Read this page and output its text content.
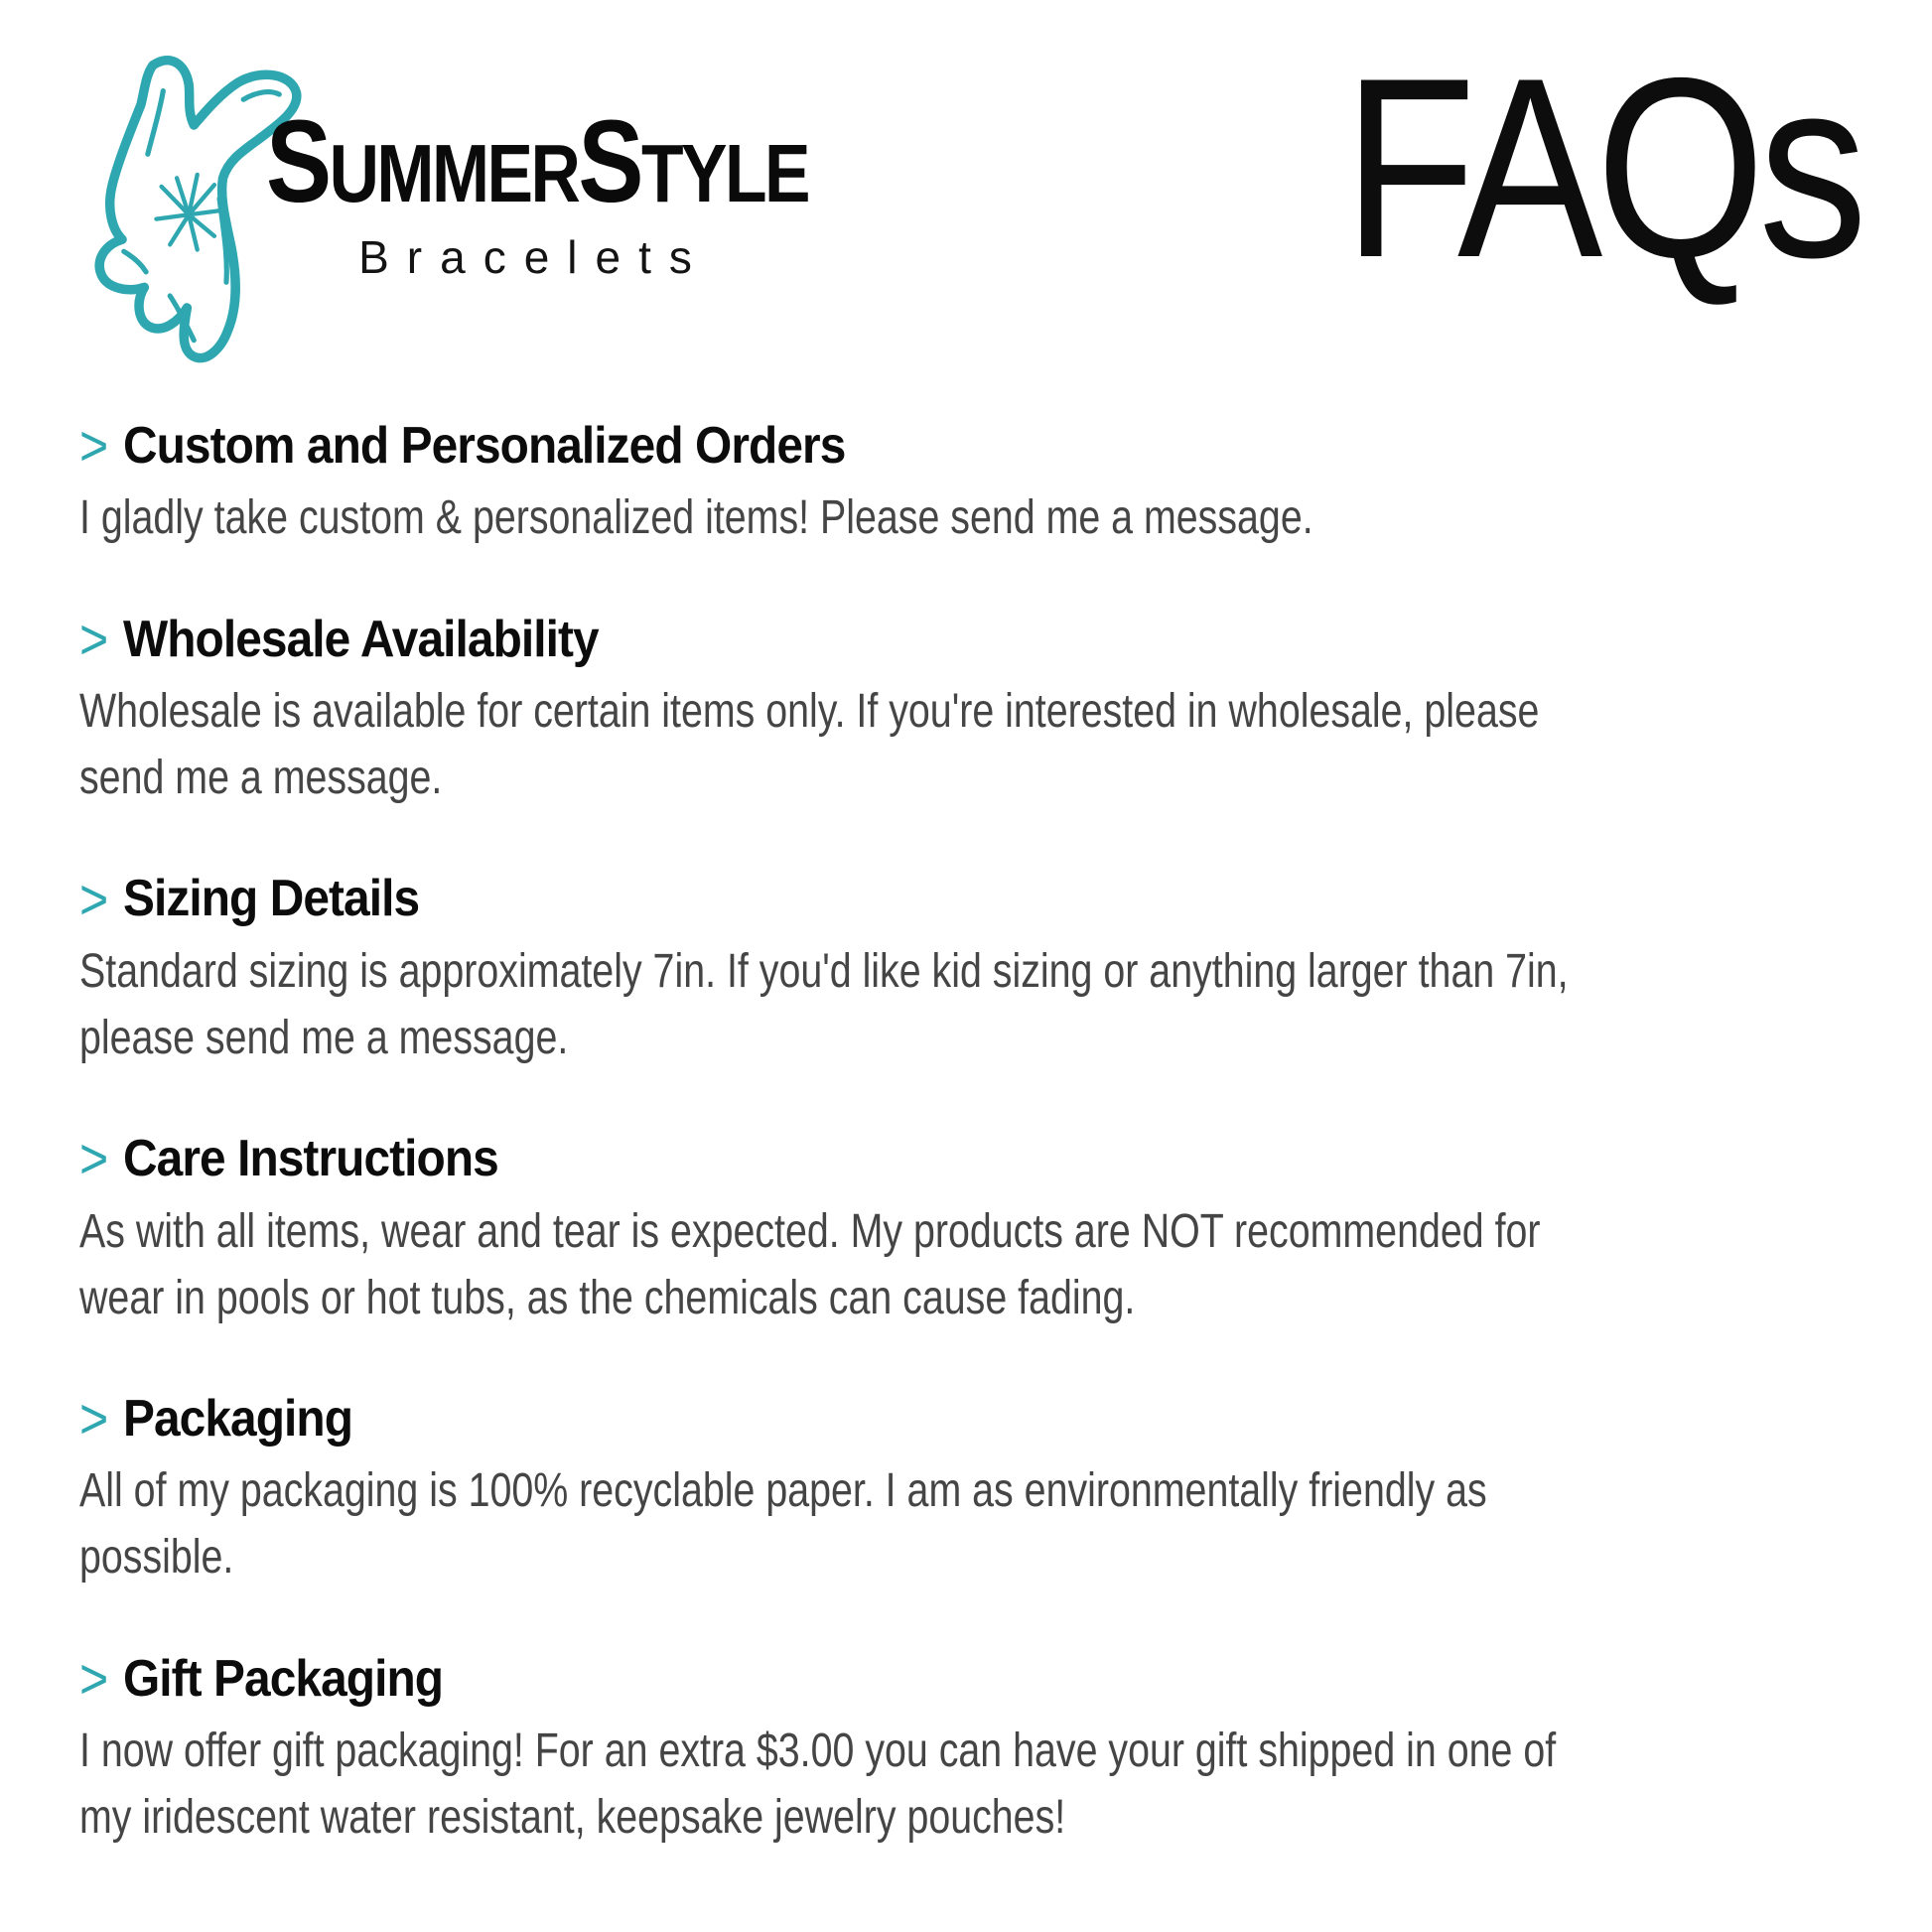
SummerStyle
Bracelets	FAQs
> Custom and Personalized Orders
I gladly take custom & personalized items! Please send me a message.
> Wholesale Availability
Wholesale is available for certain items only. If you're interested in wholesale, please send me a message.
> Sizing Details
Standard sizing is approximately 7in. If you'd like kid sizing or anything larger than 7in, please send me a message.
> Care Instructions
As with all items, wear and tear is expected. My products are NOT recommended for wear in pools or hot tubs, as the chemicals can cause fading.
> Packaging
All of my packaging is 100% recyclable paper. I am as environmentally friendly as possible.
> Gift Packaging
I now offer gift packaging! For an extra $3.00 you can have your gift shipped in one of my iridescent water resistant, keepsake jewelry pouches!
